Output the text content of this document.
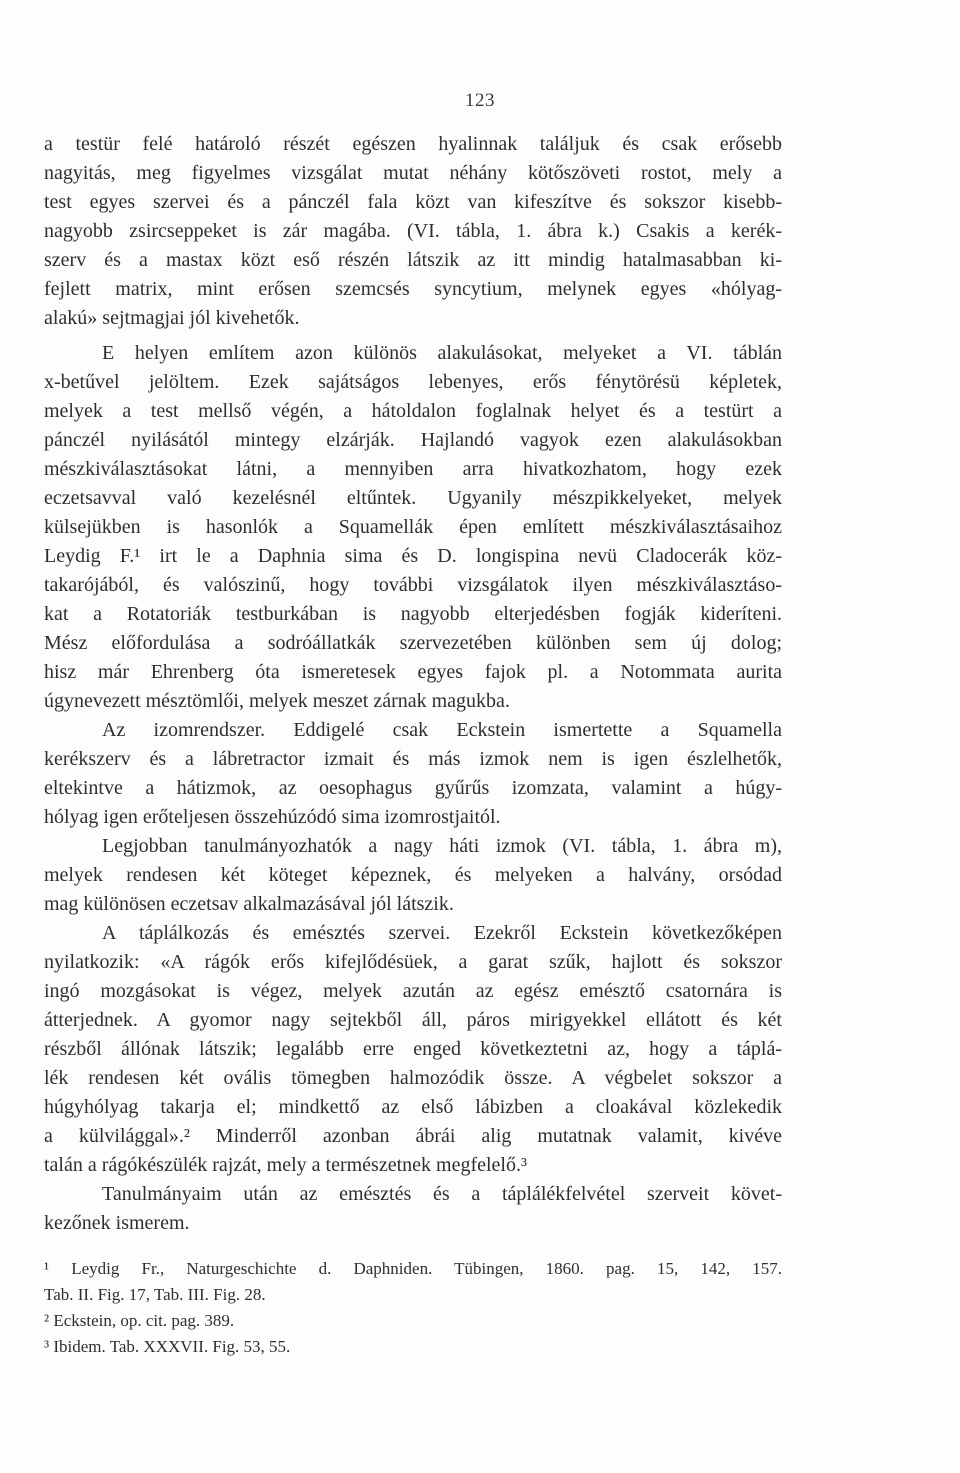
123
a testür felé határoló részét egészen hyalinnak találjuk és csak erősebb
nagyitás, meg figyelmes vizsgálat mutat néhány kötőszöveti rostot, mely a
test egyes szervei és a pánczél fala közt van kifeszítve és sokszor kisebb-
nagyobb zsircseppeket is zár magába. (VI. tábla, 1. ábra k.) Csakis a kerék-
szerv és a mastax közt eső részén látszik az itt mindig hatalmasabban ki-
fejlett matrix, mint erősen szemcsés syncytium, melynek egyes «hólyag-
alakú» sejtmagjai jól kivehetők.
E helyen említem azon különös alakulásokat, melyeket a VI. táblán
x-betűvel jelöltem. Ezek sajátságos lebenyes, erős fénytörésü képletek,
melyek a test mellső végén, a hátoldalon foglalnak helyet és a testürt a
pánczél nyilásától mintegy elzárják. Hajlandó vagyok ezen alakulásokban
mészkiválasztásokat látni, a mennyiben arra hivatkozhatom, hogy ezek
eczetsavval való kezelésnél eltűntek. Ugyanily mészpikkelyeket, melyek
külsejükben is hasonlók a Squamellák épen említett mészkiválasztásaihoz
Leydig F.¹ irt le a Daphnia sima és D. longispina nevü Cladocerák köz-
takarójából, és valószinű, hogy további vizsgálatok ilyen mészkiválasztáso-
kat a Rotatoriák testburkában is nagyobb elterjedésben fogják kideríteni.
Mész előfordulása a sodróállatkák szervezetében különben sem új dolog;
hisz már Ehrenberg óta ismeretesek egyes fajok pl. a Notommata aurita
úgynevezett mésztömlői, melyek meszet zárnak magukba.
Az izomrendszer. Eddigelé csak Eckstein ismertette a Squamella
kerékszerv és a lábretractor izmait és más izmok nem is igen észlelhetők,
eltekintve a hátizmok, az oesophagus gyűrűs izomzata, valamint a húgy-
hólyag igen erőteljesen összehúzódó sima izomrostjaitól.
Legjobban tanulmányozhatók a nagy háti izmok (VI. tábla, 1. ábra m),
melyek rendesen két köteget képeznek, és melyeken a halvány, orsódad
mag különösen eczetsav alkalmazásával jól látszik.
A táplálkozás és emésztés szervei. Ezekről Eckstein következőképen
nyilatkozik: «A rágók erős kifejlődésüek, a garat szűk, hajlott és sokszor
ingó mozgásokat is végez, melyek azután az egész emésztő csatornára is
átterjednek. A gyomor nagy sejtekből áll, páros mirigyekkel ellátott és két
részből állónak látszik; legalább erre enged következtetni az, hogy a táplá-
lék rendesen két ovális tömegben halmozódik össze. A végbelet sokszor a
húgyhólyag takarja el; mindkettő az első lábizben a cloakával közlekedik
a külvilággal».² Minderről azonban ábrái alig mutatnak valamit, kivéve
talán a rágókészülék rajzát, mely a természetnek megfelelő.³
Tanulmányaim után az emésztés és a táplálékfelvétel szerveit követ-
kezőnek ismerem.
¹ Leydig Fr., Naturgeschichte d. Daphniden. Tübingen, 1860. pag. 15, 142, 157.
Tab. II. Fig. 17, Tab. III. Fig. 28.
² Eckstein, op. cit. pag. 389.
³ Ibidem. Tab. XXXVII. Fig. 53, 55.
